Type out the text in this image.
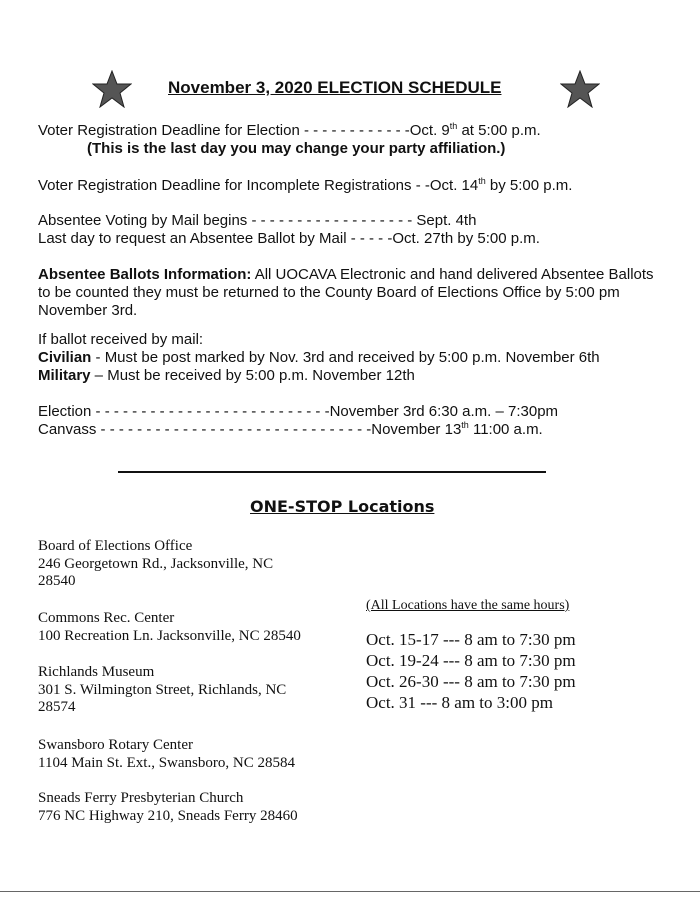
November 3, 2020 ELECTION SCHEDULE
Voter Registration Deadline for Election - - - - - - - - - - - -Oct. 9th at 5:00 p.m.
(This is the last day you may change your party affiliation.)
Voter Registration Deadline for Incomplete Registrations - -Oct. 14th by 5:00 p.m.
Absentee Voting by Mail begins - - - - - - - - - - - - - - - - - - Sept. 4th
Last day to request an Absentee Ballot by Mail - - - - -Oct. 27th by 5:00 p.m.
Absentee Ballots Information: All UOCAVA Electronic and hand delivered Absentee Ballots to be counted they must be returned to the County Board of Elections Office by 5:00 pm November 3rd.
If ballot received by mail:
Civilian - Must be post marked by Nov. 3rd and received by 5:00 p.m. November 6th
Military – Must be received by 5:00 p.m. November 12th
Election - - - - - - - - - - - - - - - - - - - - - - - - - -November 3rd 6:30 a.m. – 7:30pm
Canvass - - - - - - - - - - - - - - - - - - - - - - - - - - - - - -November 13th 11:00 a.m.
ONE-STOP Locations
Board of Elections Office
246 Georgetown Rd., Jacksonville, NC
28540
Commons Rec. Center
100 Recreation Ln. Jacksonville, NC 28540
Richlands Museum
301 S. Wilmington Street, Richlands, NC
28574
Swansboro Rotary Center
1104 Main St. Ext., Swansboro, NC 28584
Sneads Ferry Presbyterian Church
776 NC Highway 210, Sneads Ferry 28460
(All Locations have the same hours)
Oct. 15-17 --- 8 am to 7:30 pm
Oct. 19-24 --- 8 am to 7:30 pm
Oct. 26-30 --- 8 am to 7:30 pm
Oct. 31 --- 8 am to 3:00 pm
